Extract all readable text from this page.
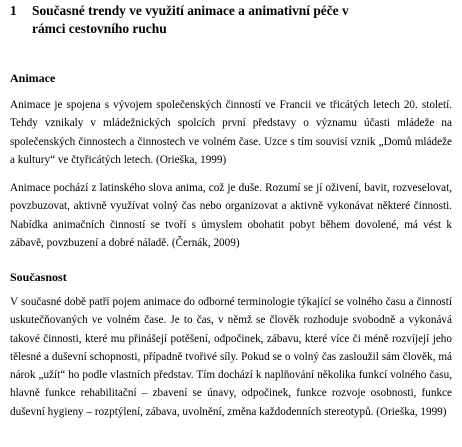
1	Současné trendy ve využití animace a animativní péče v rámci cestovního ruchu
Animace

Animace je spojena s vývojem společenských činností ve Francii ve třicátých letech 20. století. Tehdy vznikaly v mládežnických spolcích první představy o významu účasti mládeže na společenských činnostech a činnostech ve volném čase. Uzce s tím souvisí vznik „Domů mládeže a kultury“ ve čtyřicátých letech. (Orieška, 1999)

Animace pochází z latinského slova anima, což je duše. Rozumí se jí oživení, bavit, rozveselovat, povzbuzovat, aktivně využívat volný čas nebo organizovat a aktivně vykonávat některé činnosti. Nabídka animačních činností se tvoří s úmyslem obohatit pobyt během dovolené, má vést k zábavě, povzbuzení a dobré náladě. (Černák, 2009)

Současnost

V současné době patří pojem animace do odborné terminologie týkající se volného času a činností uskutečňovaných ve volném čase. Je to čas, v němž se člověk rozhoduje svobodně a vykonává takové činnosti, které mu přinášejí potěšení, odpočinek, zábavu, které více či méně rozvíjejí jeho tělesné a duševní schopnosti, případně tvořivé síly. Pokud se o volný čas zasloužil sám člověk, má nárok „užít“ ho podle vlastních představ. Tím dochází k naplňování několika funkcí volného času, hlavně funkce rehabilitační – zbavení se únavy, odpočinek, funkce rozvoje osobnosti, funkce duševní hygieny – rozptýlení, zábava, uvolnění, změna každodenních stereotypů. (Orieška, 1999)
